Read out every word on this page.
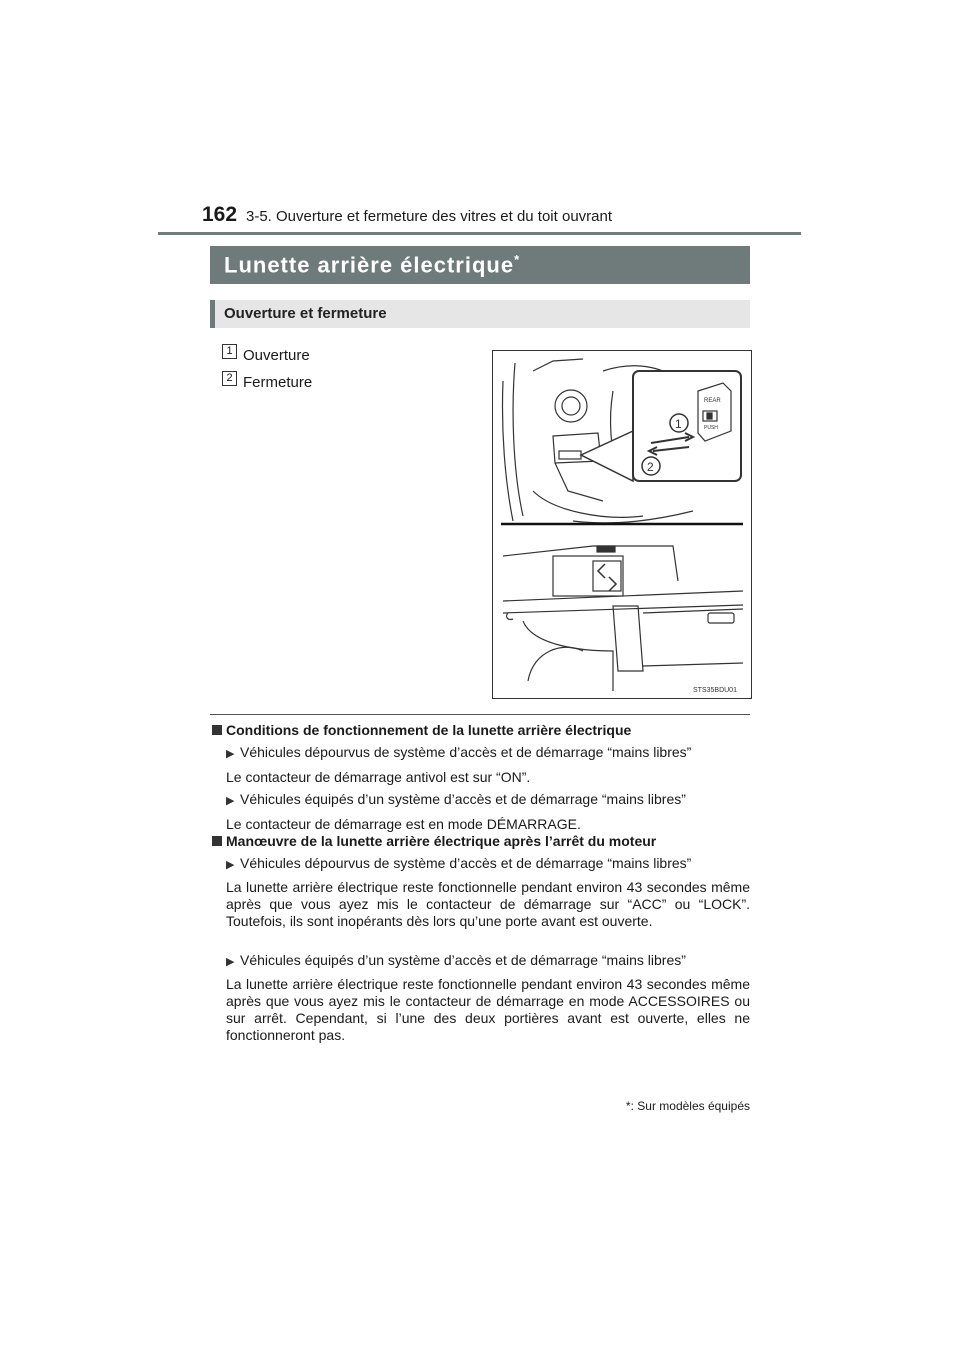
162 3-5. Ouverture et fermeture des vitres et du toit ouvrant
Lunette arrière électrique*
Ouverture et fermeture
1 Ouverture
2 Fermeture
REAR
PUSH
1
2
STS35BDU01
Conditions de fonctionnement de la lunette arrière électrique
▶ Véhicules dépourvus de système d’accès et de démarrage “mains libres”
Le contacteur de démarrage antivol est sur “ON”.
▶ Véhicules équipés d’un système d’accès et de démarrage “mains libres”
Le contacteur de démarrage est en mode DÉMARRAGE.
Manœuvre de la lunette arrière électrique après l’arrêt du moteur
▶ Véhicules dépourvus de système d’accès et de démarrage “mains libres”
La lunette arrière électrique reste fonctionnelle pendant environ 43 secondes même après que vous ayez mis le contacteur de démarrage sur “ACC” ou “LOCK”. Toutefois, ils sont inopérants dès lors qu’une porte avant est ouverte.
▶ Véhicules équipés d’un système d’accès et de démarrage “mains libres”
La lunette arrière électrique reste fonctionnelle pendant environ 43 secondes même après que vous ayez mis le contacteur de démarrage en mode ACCESSOIRES ou sur arrêt. Cependant, si l’une des deux portières avant est ouverte, elles ne fonctionneront pas.
*: Sur modèles équipés
